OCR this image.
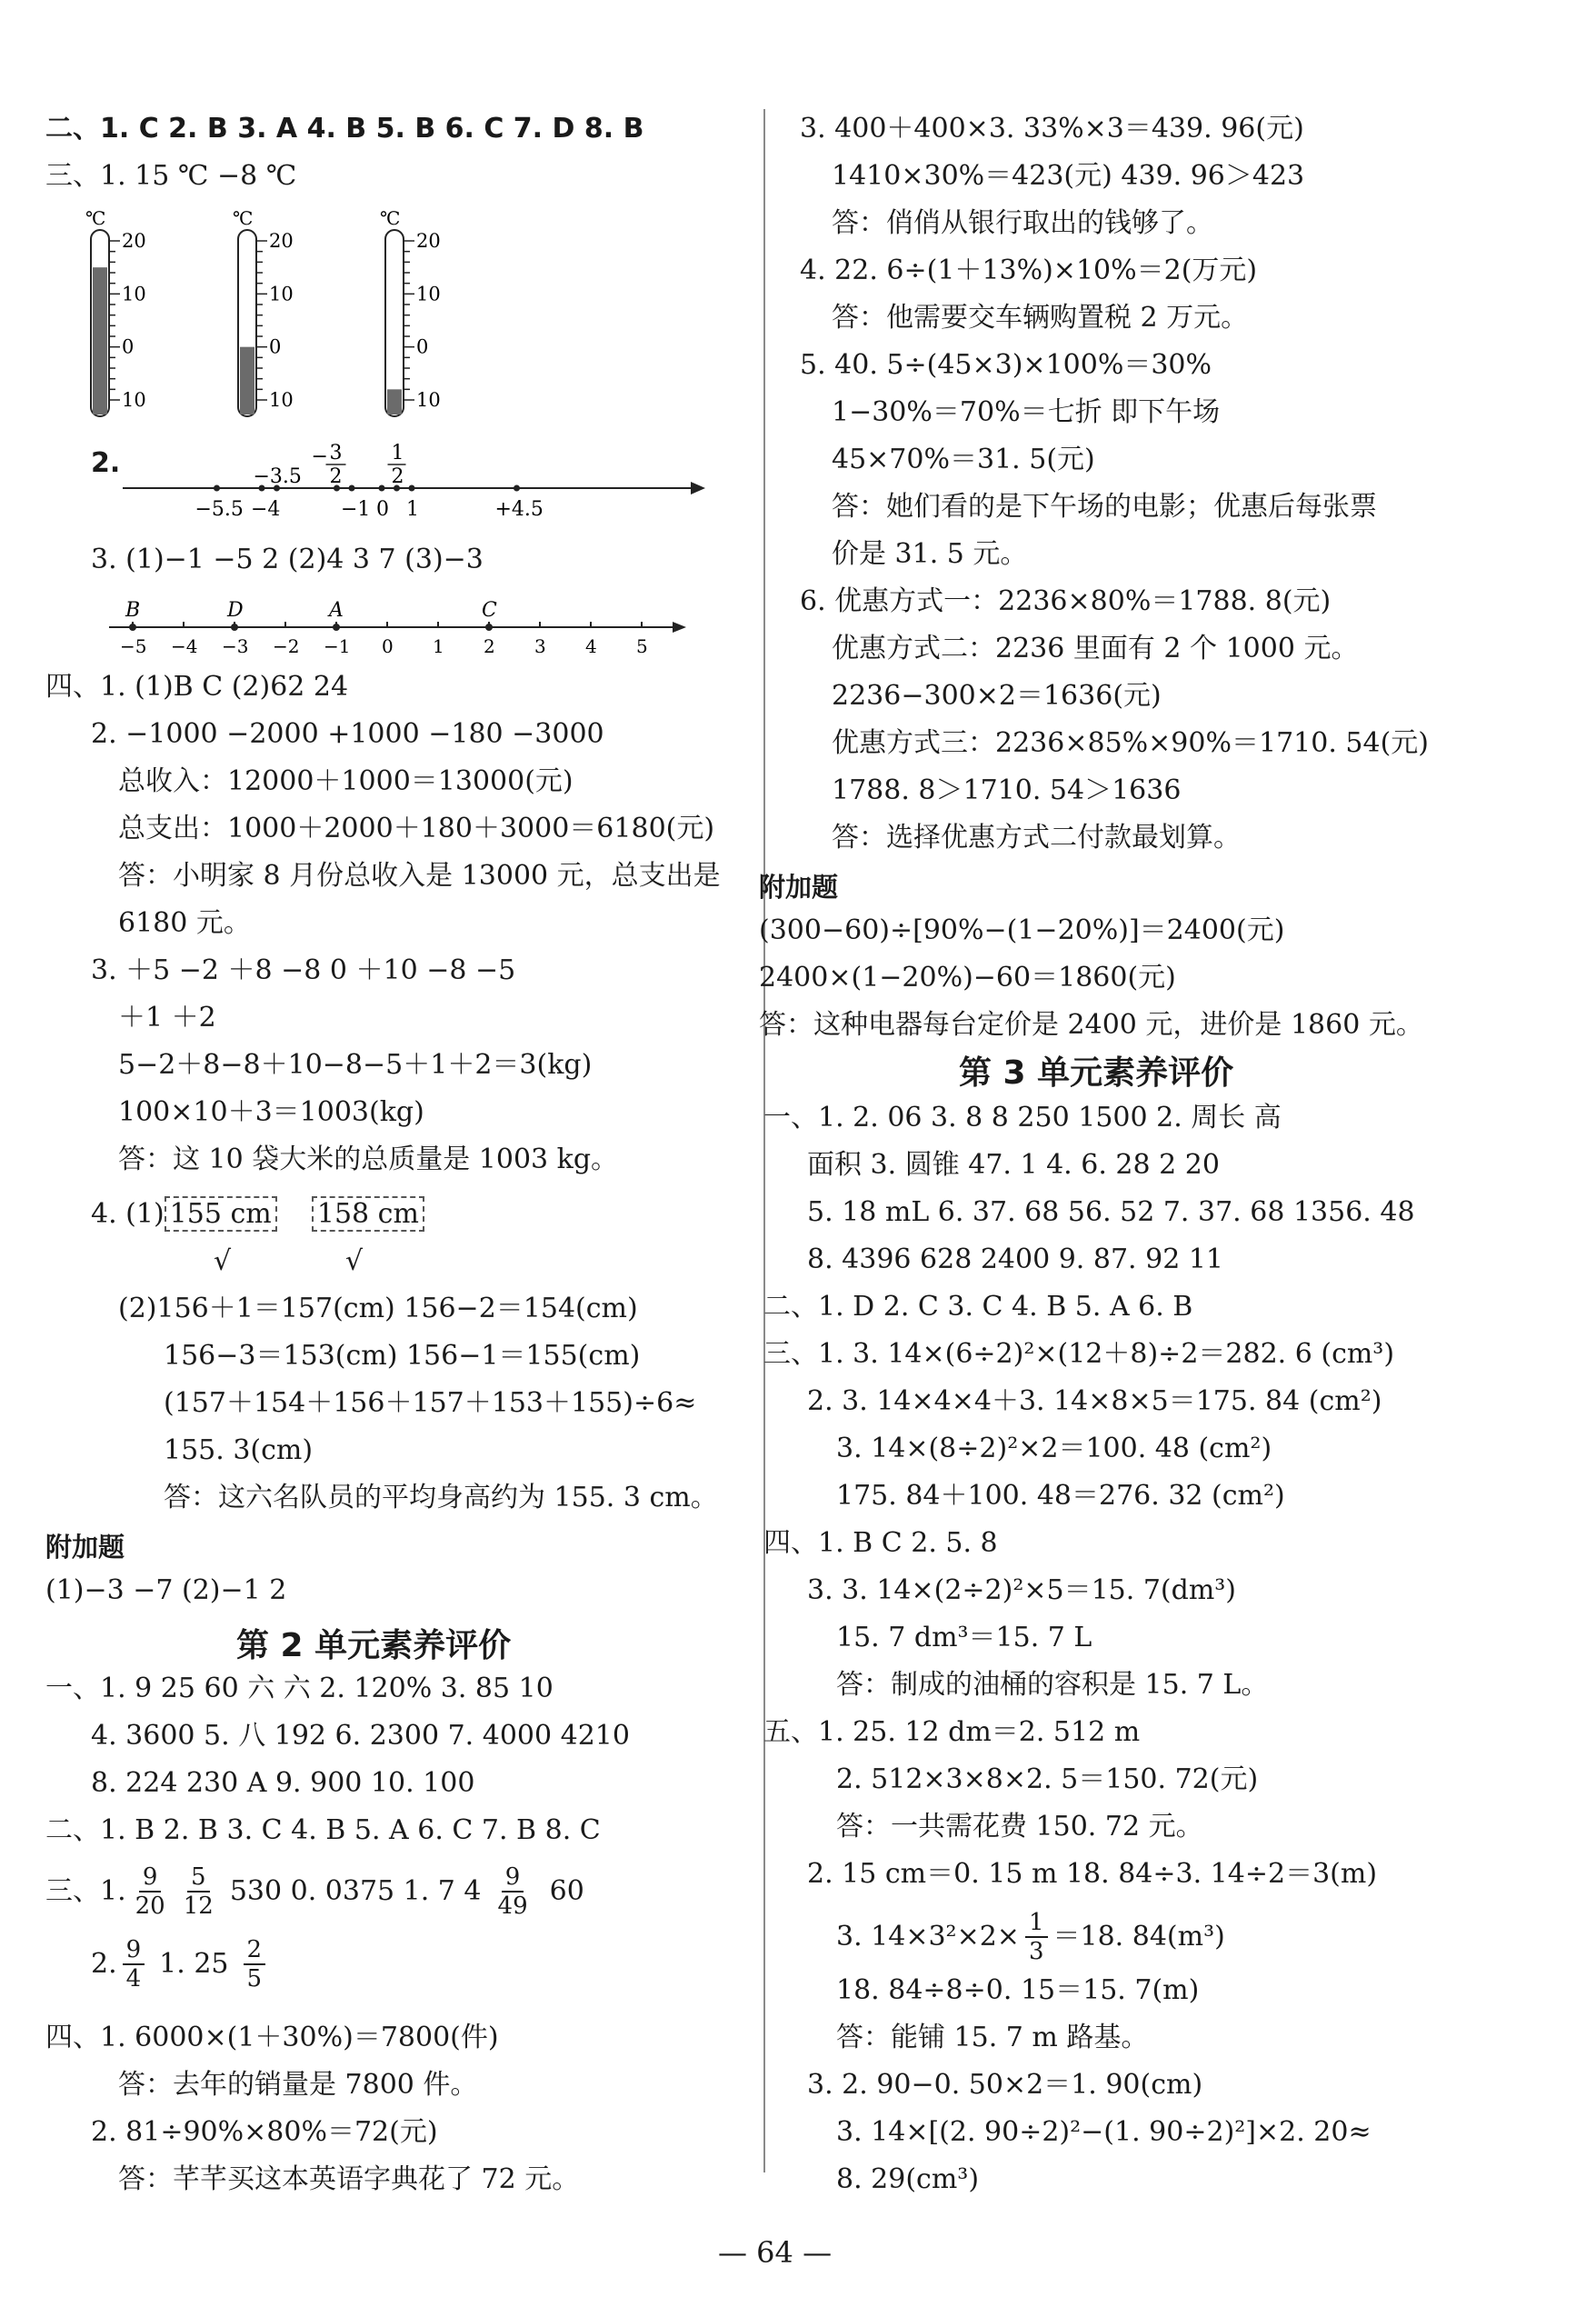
二、1. C 2. B 3. A 4. B 5. B 6. C 7. D 8. B
三、1. 15 ℃ −8 ℃
℃
20
10
0
10
℃
20
10
0
10
℃
20
10
0
10
2.	−3.5
− 3
2
1
2
−5.5 −4	−1 0 1	+4.5
3. (1)−1 −5 2 (2)4 3 7 (3)−3
−5 −4 −3 −2 −1 0 1 2 3 4 5
B	D	A	C
四、1. (1)B C (2)62 24
2. −1000 −2000 +1000 −180 −3000
总收入：12000＋1000＝13000(元)
总支出：1000＋2000＋180＋3000＝6180(元)
答：小明家 8 月份总收入是 13000 元，总支出是
6180 元。
3. ＋5 −2 ＋8 −8 0 ＋10 −8 −5
＋1 ＋2
5−2＋8−8＋10−8−5＋1＋2＝3(kg)
100×10＋3＝1003(kg)
答：这 10 袋大米的总质量是 1003 kg。
4. (1) 155 cm 158 cm
√	√
(2)156＋1＝157(cm) 156−2＝154(cm)
156−3＝153(cm) 156−1＝155(cm)
(157＋154＋156＋157＋153＋155)÷6≈
155. 3(cm)
答：这六名队员的平均身高约为 155. 3 cm。
附加题
(1)−3 −7 (2)−1 2
第 2 单元素养评价
一、1. 9 25 60 六 六 2. 120% 3. 85 10
4. 3600 5. 八 192 6. 2300 7. 4000 4210
8. 224 230 A 9. 900 10. 100
二、1. B 2. B 3. C 4. B 5. A 6. C 7. B 8. C
三、1. $\frac{9}{20} \frac{5}{12} 530$ 0. 0375 1. 7 $4 \frac{9}{49} 60$
2. $\frac{9}{4} 1$. $25 \frac{2}{5}$
四、1. 6000×(1＋30%)＝7800(件)
答：去年的销量是 7800 件。
2. 81÷90%×80%＝72(元)
答：芊芊买这本英语字典花了 72 元。
3. 400＋400×3. 33%×3＝439. 96(元)
1410×30%＝423(元) 439. 96＞423
答：俏俏从银行取出的钱够了。
4. 22. 6÷(1＋13%)×10%＝2(万元)
答：他需要交车辆购置税 2 万元。
5. 40. 5÷(45×3)×100%＝30%
1−30%＝70%＝七折 即下午场
45×70%＝31. 5(元)
答：她们看的是下午场的电影；优惠后每张票
价是 31. 5 元。
6. 优惠方式一：2236×80%＝1788. 8(元)
优惠方式二：2236 里面有 2 个 1000 元。
2236−300×2＝1636(元)
优惠方式三：2236×85%×90%＝1710. 54(元)
1788. 8＞1710. 54＞1636
答：选择优惠方式二付款最划算。
附加题
(300−60)÷[90%−(1−20%)]＝2400(元)
2400×(1−20%)−60＝1860(元)
答：这种电器每台定价是 2400 元，进价是 1860 元。
第 3 单元素养评价
一、1. 2. 06 3. 8 8 250 1500 2. 周长 高
面积 3. 圆锥 47. 1 4. 6. 28 2 20
5. 18 mL 6. 37. 68 56. 52 7. 37. 68 1356. 48
8. 4396 628 2400 9. 87. 92 11
二、1. D 2. C 3. C 4. B 5. A 6. B
三、1. 3. 14×(6÷2)²×(12＋8)÷2＝282. 6 (cm³)
2. 3. 14×4×4＋3. 14×8×5＝175. 84 (cm²)
3. 14×(8÷2)²×2＝100. 48 (cm²)
175. 84＋100. 48＝276. 32 (cm²)
四、1. B C 2. 5. 8
3. 3. 14×(2÷2)²×5＝15. 7(dm³)
15. 7 dm³＝15. 7 L
答：制成的油桶的容积是 15. 7 L。
五、1. 25. 12 dm＝2. 512 m
2. 512×3×8×2. 5＝150. 72(元)
答：一共需花费 150. 72 元。
2. 15 cm＝0. 15 m 18. 84÷3. 14÷2＝3(m)
3. $14\times 3^2\times 2\times \frac{1}{3} =18$. 84(m³)
18. 84÷8÷0. 15＝15. 7(m)
答：能铺 15. 7 m 路基。
3. 2. 90−0. 50×2＝1. 90(cm)
3. 14×[(2. 90÷2)²−(1. 90÷2)²]×2. 20≈
8. 29(cm³)
— 64 —
